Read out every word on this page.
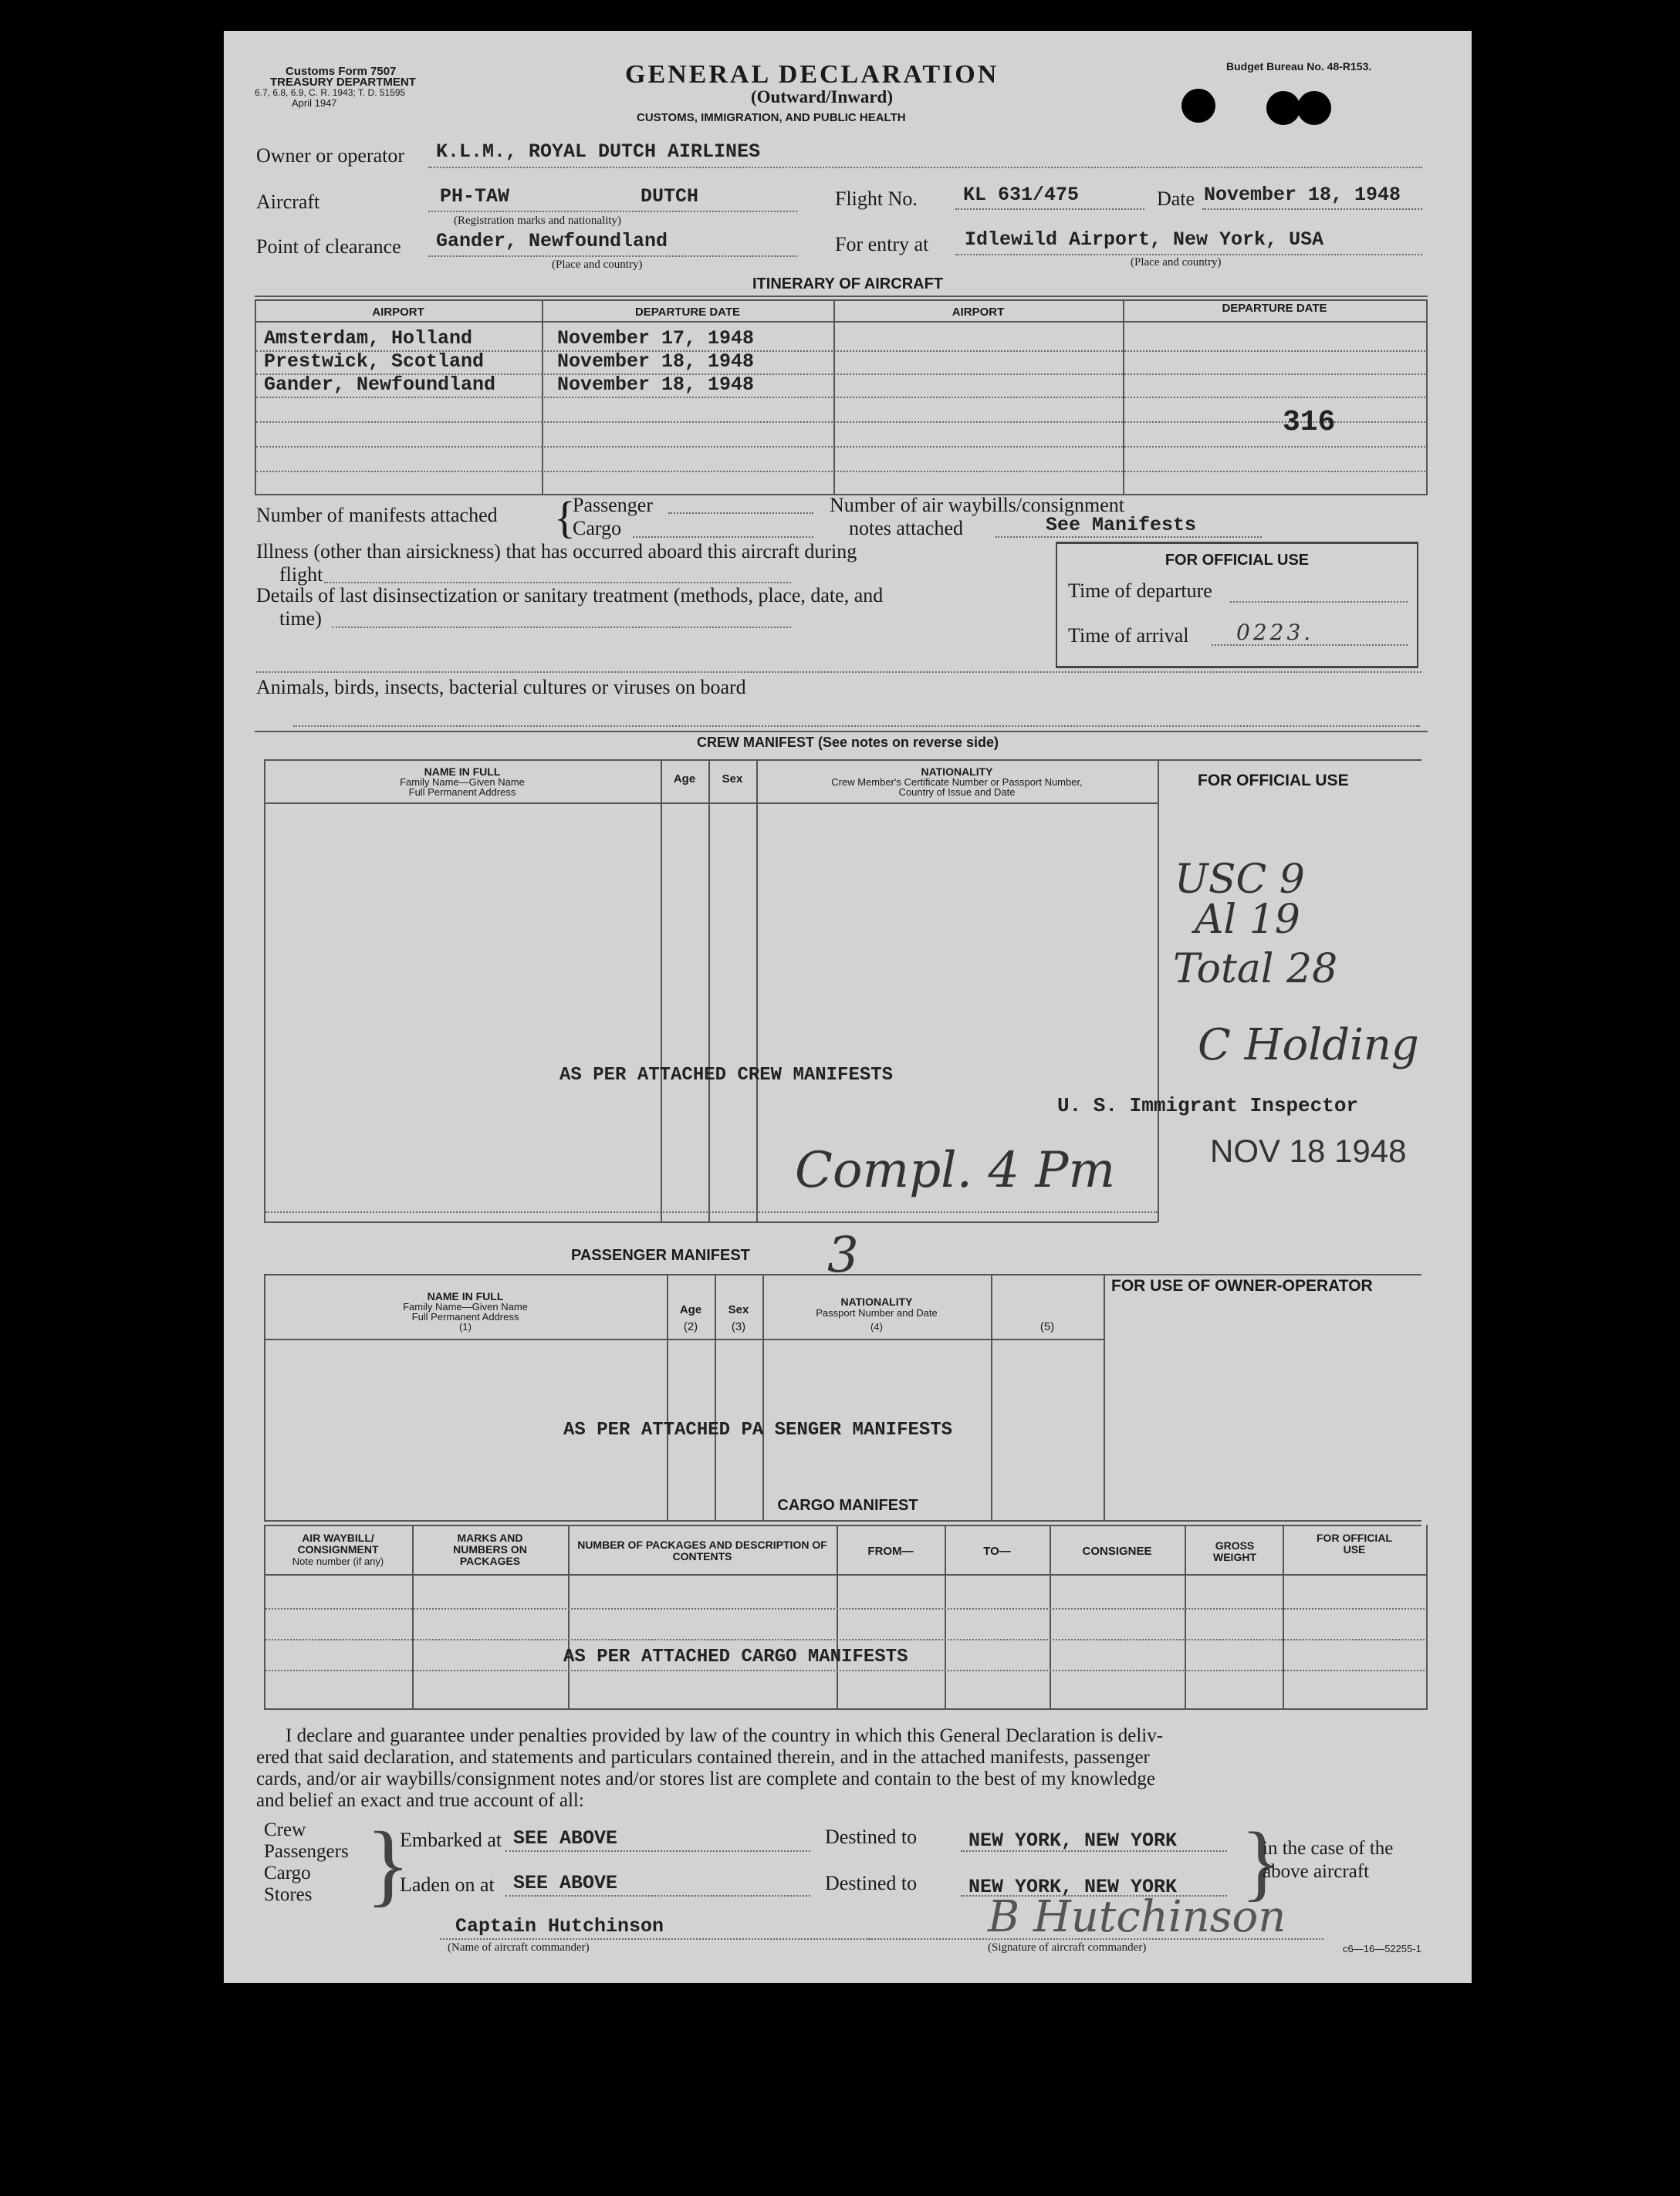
Customs Form 7507
TREASURY DEPARTMENT
6.7, 6.8, 6.9, C. R. 1943; T. D. 51595
April 1947
GENERAL DECLARATION
(Outward/Inward)
CUSTOMS, IMMIGRATION, AND PUBLIC HEALTH
Budget Bureau No. 48-R153.
Owner or operator K.L.M., ROYAL DUTCH AIRLINES
Aircraft	PH-TAW	DUTCH
(Registration marks and nationality)
Flight No. KL 631/475	Date November 18, 1948
Point of clearance Gander, Newfoundland
(Place and country)
For entry at Idlewild Airport, New York, USA
(Place and country)
ITINERARY OF AIRCRAFT
AIRPORT	DEPARTURE DATE	AIRPORT	DEPARTURE DATE
Amsterdam, Holland	November 17, 1948
Prestwick, Scotland	November 18, 1948
Gander, Newfoundland	November 18, 1948
316
Number of manifests attached {
Passenger
Cargo
Number of air waybills/consignment
notes attached	See Manifests
Illness (other than airsickness) that has occurred aboard this aircraft during
flight
Details of last disinsectization or sanitary treatment (methods, place, date, and
time)
FOR OFFICIAL USE
Time of departure
Time of arrival 0223.
Animals, birds, insects, bacterial cultures or viruses on board
CREW MANIFEST (See notes on reverse side)
NAME IN FULL
Family Name—Given Name
Full Permanent Address
Age	Sex
NATIONALITY
Crew Member's Certificate Number or Passport Number,
Country of Issue and Date
FOR OFFICIAL USE
AS PER ATTACHED CREW MANIFESTS
USC 9
Al 19
Total 28
C Holding
U. S. Immigrant Inspector
NOV 18 1948
Compl. 4 Pm
PASSENGER MANIFEST 3
NAME IN FULL
Family Name—Given Name
Full Permanent Address
(1)
Age
(2)
Sex
(3)
NATIONALITY
Passport Number and Date
(4)	(5)
FOR USE OF OWNER-OPERATOR
AS PER ATTACHED PA SENGER MANIFESTS
CARGO MANIFEST
AIR WAYBILL/ CONSIGNMENT
Note number (if any)
MARKS AND NUMBERS ON PACKAGES
NUMBER OF PACKAGES AND DESCRIPTION OF CONTENTS	FROM—	TO—	CONSIGNEE	GROSS WEIGHT
FOR OFFICIAL USE
AS PER ATTACHED CARGO MANIFESTS
I declare and guarantee under penalties provided by law of the country in which this General Declaration is deliv-
ered that said declaration, and statements and particulars contained therein, and in the attached manifests, passenger
cards, and/or air waybills/consignment notes and/or stores list are complete and contain to the best of my knowledge
and belief an exact and true account of all:
Crew
Passengers
Cargo
Stores }
Embarked at SEE ABOVE
Laden on at SEE ABOVE
Destined to	NEW YORK, NEW YORK
Destined to	NEW YORK, NEW YORK }
in the case of the
above aircraft
Captain Hutchinson
(Name of aircraft commander)
B Hutchinson
(Signature of aircraft commander)	c6—16—52255-1
